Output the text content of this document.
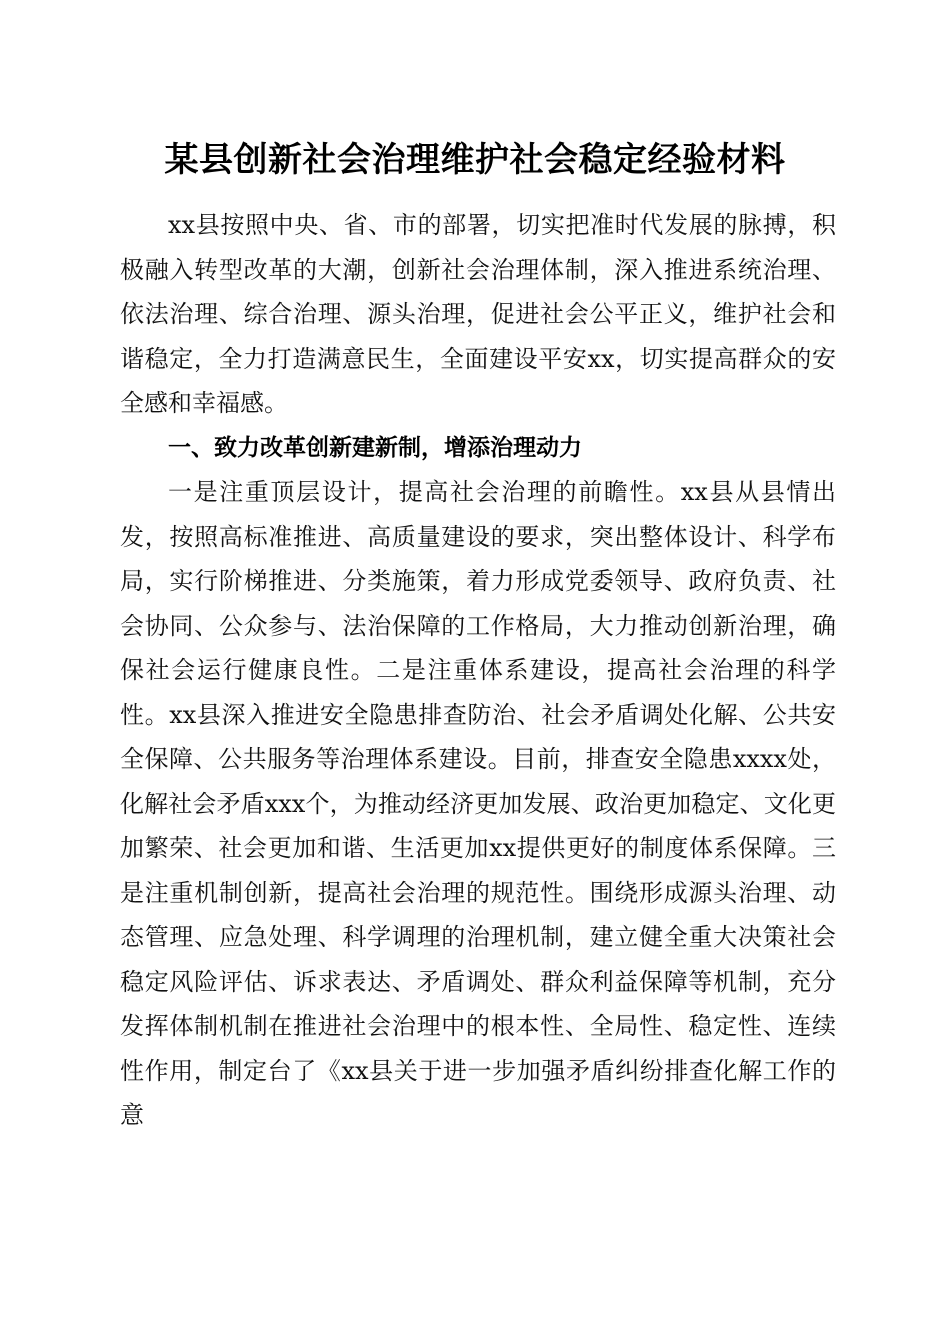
某县创新社会治理维护社会稳定经验材料

xx县按照中央、省、市的部署，切实把准时代发展的脉搏，积极融入转型改革的大潮，创新社会治理体制，深入推进系统治理、依法治理、综合治理、源头治理，促进社会公平正义，维护社会和谐稳定，全力打造满意民生，全面建设平安xx，切实提高群众的安全感和幸福感。

一、致力改革创新建新制，增添治理动力

一是注重顶层设计，提高社会治理的前瞻性。xx县从县情出发，按照高标准推进、高质量建设的要求，突出整体设计、科学布局，实行阶梯推进、分类施策，着力形成党委领导、政府负责、社会协同、公众参与、法治保障的工作格局，大力推动创新治理，确保社会运行健康良性。二是注重体系建设，提高社会治理的科学性。xx县深入推进安全隐患排查防治、社会矛盾调处化解、公共安全保障、公共服务等治理体系建设。目前，排查安全隐患xxxx处，化解社会矛盾xxx个，为推动经济更加发展、政治更加稳定、文化更加繁荣、社会更加和谐、生活更加xx提供更好的制度体系保障。三是注重机制创新，提高社会治理的规范性。围绕形成源头治理、动态管理、应急处理、科学调理的治理机制，建立健全重大决策社会稳定风险评估、诉求表达、矛盾调处、群众利益保障等机制，充分发挥体制机制在推进社会治理中的根本性、全局性、稳定性、连续性作用，制定台了《xx县关于进一步加强矛盾纠纷排查化解工作的意
